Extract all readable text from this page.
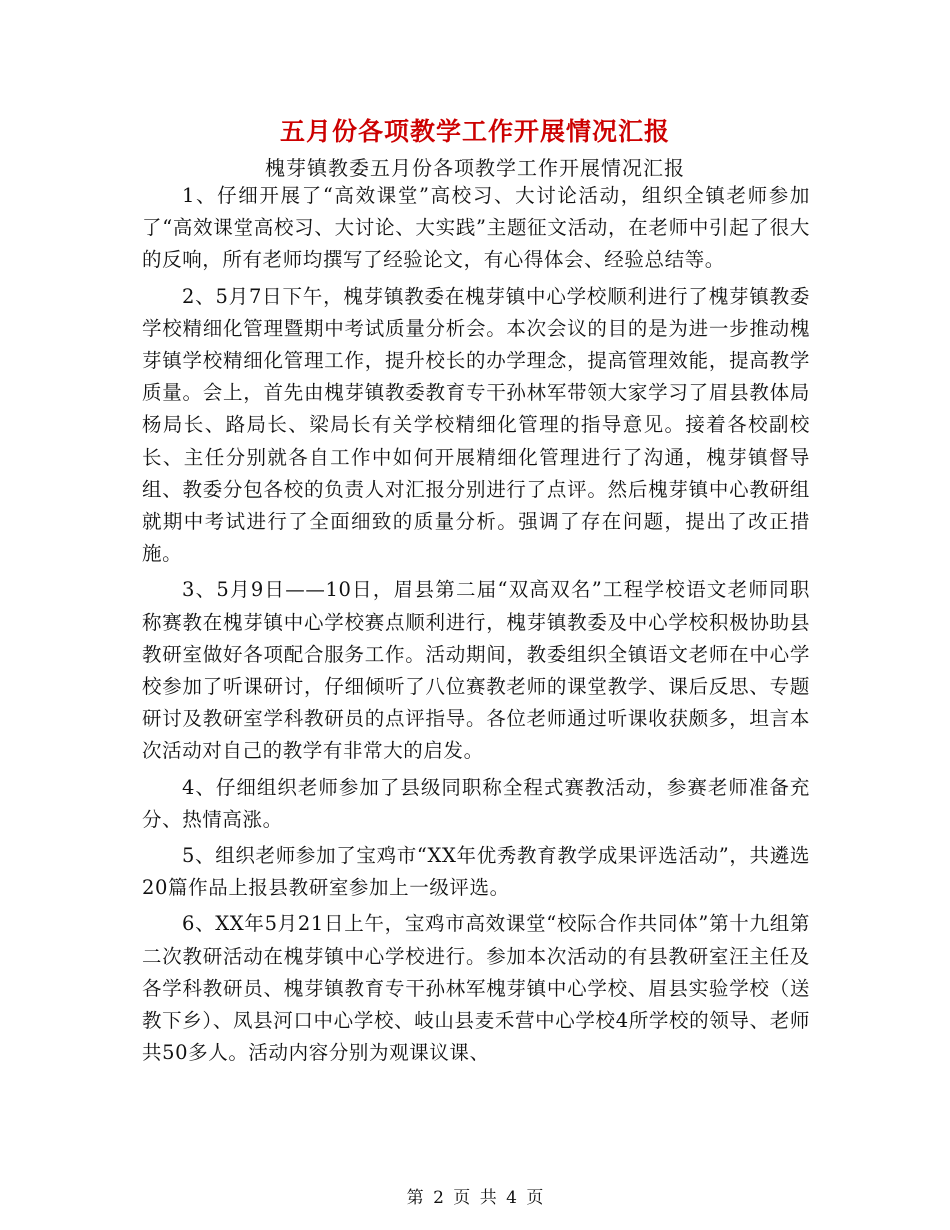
五月份各项教学工作开展情况汇报
槐芽镇教委五月份各项教学工作开展情况汇报

1、仔细开展了“高效课堂”高校习、大讨论活动，组织全镇老师参加了“高效课堂高校习、大讨论、大实践”主题征文活动，在老师中引起了很大的反响，所有老师均撰写了经验论文，有心得体会、经验总结等。

2、5月7日下午，槐芽镇教委在槐芽镇中心学校顺利进行了槐芽镇教委学校精细化管理暨期中考试质量分析会。本次会议的目的是为进一步推动槐芽镇学校精细化管理工作，提升校长的办学理念，提高管理效能，提高教学质量。会上，首先由槐芽镇教委教育专干孙林军带领大家学习了眉县教体局杨局长、路局长、梁局长有关学校精细化管理的指导意见。接着各校副校长、主任分别就各自工作中如何开展精细化管理进行了沟通，槐芽镇督导组、教委分包各校的负责人对汇报分别进行了点评。然后槐芽镇中心教研组就期中考试进行了全面细致的质量分析。强调了存在问题，提出了改正措施。

3、5月9日——10日，眉县第二届“双高双名”工程学校语文老师同职称赛教在槐芽镇中心学校赛点顺利进行，槐芽镇教委及中心学校积极协助县教研室做好各项配合服务工作。活动期间，教委组织全镇语文老师在中心学校参加了听课研讨，仔细倾听了八位赛教老师的课堂教学、课后反思、专题研讨及教研室学科教研员的点评指导。各位老师通过听课收获颇多，坦言本次活动对自己的教学有非常大的启发。

4、仔细组织老师参加了县级同职称全程式赛教活动，参赛老师准备充分、热情高涨。

5、组织老师参加了宝鸡市“XX年优秀教育教学成果评选活动”，共遴选20篇作品上报县教研室参加上一级评选。

6、XX年5月21日上午，宝鸡市高效课堂“校际合作共同体”第十九组第二次教研活动在槐芽镇中心学校进行。参加本次活动的有县教研室汪主任及各学科教研员、槐芽镇教育专干孙林军槐芽镇中心学校、眉县实验学校（送教下乡）、凤县河口中心学校、岐山县麦禾营中心学校4所学校的领导、老师共50多人。活动内容分别为观课议课、

第 2 页 共 4 页
